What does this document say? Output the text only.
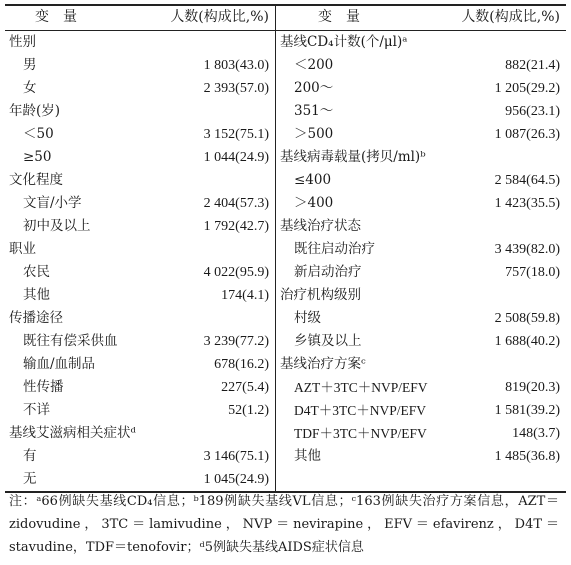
变　量	人数(构成比,%)
性别
男	1 803(43.0)
女	2 393(57.0)
年龄(岁)
＜50	3 152(75.1)
≥50	1 044(24.9)
文化程度
文盲/小学	2 404(57.3)
初中及以上	1 792(42.7)
职业
农民	4 022(95.9)
其他	174(4.1)
传播途径
既往有偿采供血	3 239(77.2)
输血/血制品	678(16.2)
性传播	227(5.4)
不详	52(1.2)
基线艾滋病相关症状ᵈ
有	3 146(75.1)
无	1 045(24.9)
变　量	人数(构成比,%)
基线CD₄计数(个/μl)ᵃ
＜200	882(21.4)
200～	1 205(29.2)
351～	956(23.1)
＞500	1 087(26.3)
基线病毒载量(拷贝/ml)ᵇ
≤400	2 584(64.5)
＞400	1 423(35.5)
基线治疗状态
既往启动治疗	3 439(82.0)
新启动治疗	757(18.0)
治疗机构级别
村级	2 508(59.8)
乡镇及以上	1 688(40.2)
基线治疗方案ᶜ
AZT＋3TC＋NVP/EFV	819(20.3)
D4T＋3TC＋NVP/EFV	1 581(39.2)
TDF＋3TC＋NVP/EFV	148(3.7)
其他	1 485(36.8)
注：ᵃ66例缺失基线CD₄信息；ᵇ189例缺失基线VL信息；ᶜ163例缺失治疗方案信息，AZT＝zidovudine，3TC＝lamivudine，NVP＝nevirapine，EFV＝efavirenz，D4T＝stavudine，TDF＝tenofovir；ᵈ5例缺失基线AIDS症状信息
